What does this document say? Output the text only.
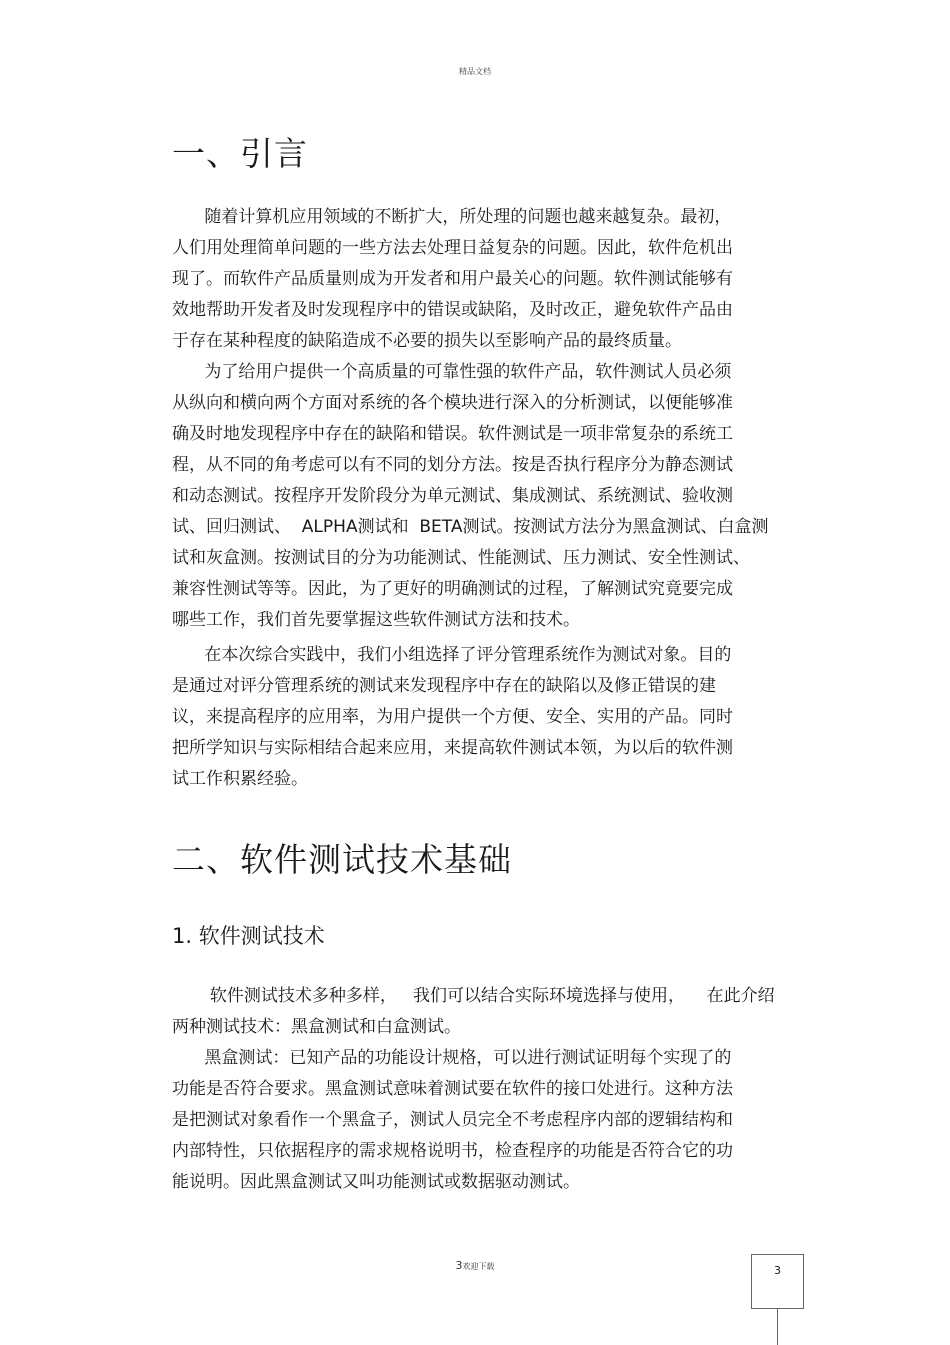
精品文档
一、引言

随着计算机应用领域的不断扩大，所处理的问题也越来越复杂。最初，
人们用处理简单问题的一些方法去处理日益复杂的问题。因此，软件危机出
现了。而软件产品质量则成为开发者和用户最关心的问题。软件测试能够有
效地帮助开发者及时发现程序中的错误或缺陷，及时改正，避免软件产品由
于存在某种程度的缺陷造成不必要的损失以至影响产品的最终质量。

为了给用户提供一个高质量的可靠性强的软件产品，软件测试人员必须
从纵向和横向两个方面对系统的各个模块进行深入的分析测试，以便能够准
确及时地发现程序中存在的缺陷和错误。软件测试是一项非常复杂的系统工
程，从不同的角考虑可以有不同的划分方法。按是否执行程序分为静态测试
和动态测试。按程序开发阶段分为单元测试、集成测试、系统测试、验收测
试、回归测试、  ALPHA测试和  BETA测试。按测试方法分为黑盒测试、白盒测
试和灰盒测。按测试目的分为功能测试、性能测试、压力测试、安全性测试、
兼容性测试等等。因此，为了更好的明确测试的过程，了解测试究竟要完成
哪些工作，我们首先要掌握这些软件测试方法和技术。

在本次综合实践中，我们小组选择了评分管理系统作为测试对象。目的
是通过对评分管理系统的测试来发现程序中存在的缺陷以及修正错误的建
议，来提高程序的应用率，为用户提供一个方便、安全、实用的产品。同时
把所学知识与实际相结合起来应用，来提高软件测试本领，为以后的软件测
试工作积累经验。

二、软件测试技术基础
1. 软件测试技术

软件测试技术多种多样，   我们可以结合实际环境选择与使用，    在此介绍
两种测试技术：黑盒测试和白盒测试。

黑盒测试：已知产品的功能设计规格，可以进行测试证明每个实现了的
功能是否符合要求。黑盒测试意味着测试要在软件的接口处进行。这种方法
是把测试对象看作一个黑盒子，测试人员完全不考虑程序内部的逻辑结构和
内部特性，只依据程序的需求规格说明书，检查程序的功能是否符合它的功
能说明。因此黑盒测试又叫功能测试或数据驱动测试。

3欢迎下载	3
